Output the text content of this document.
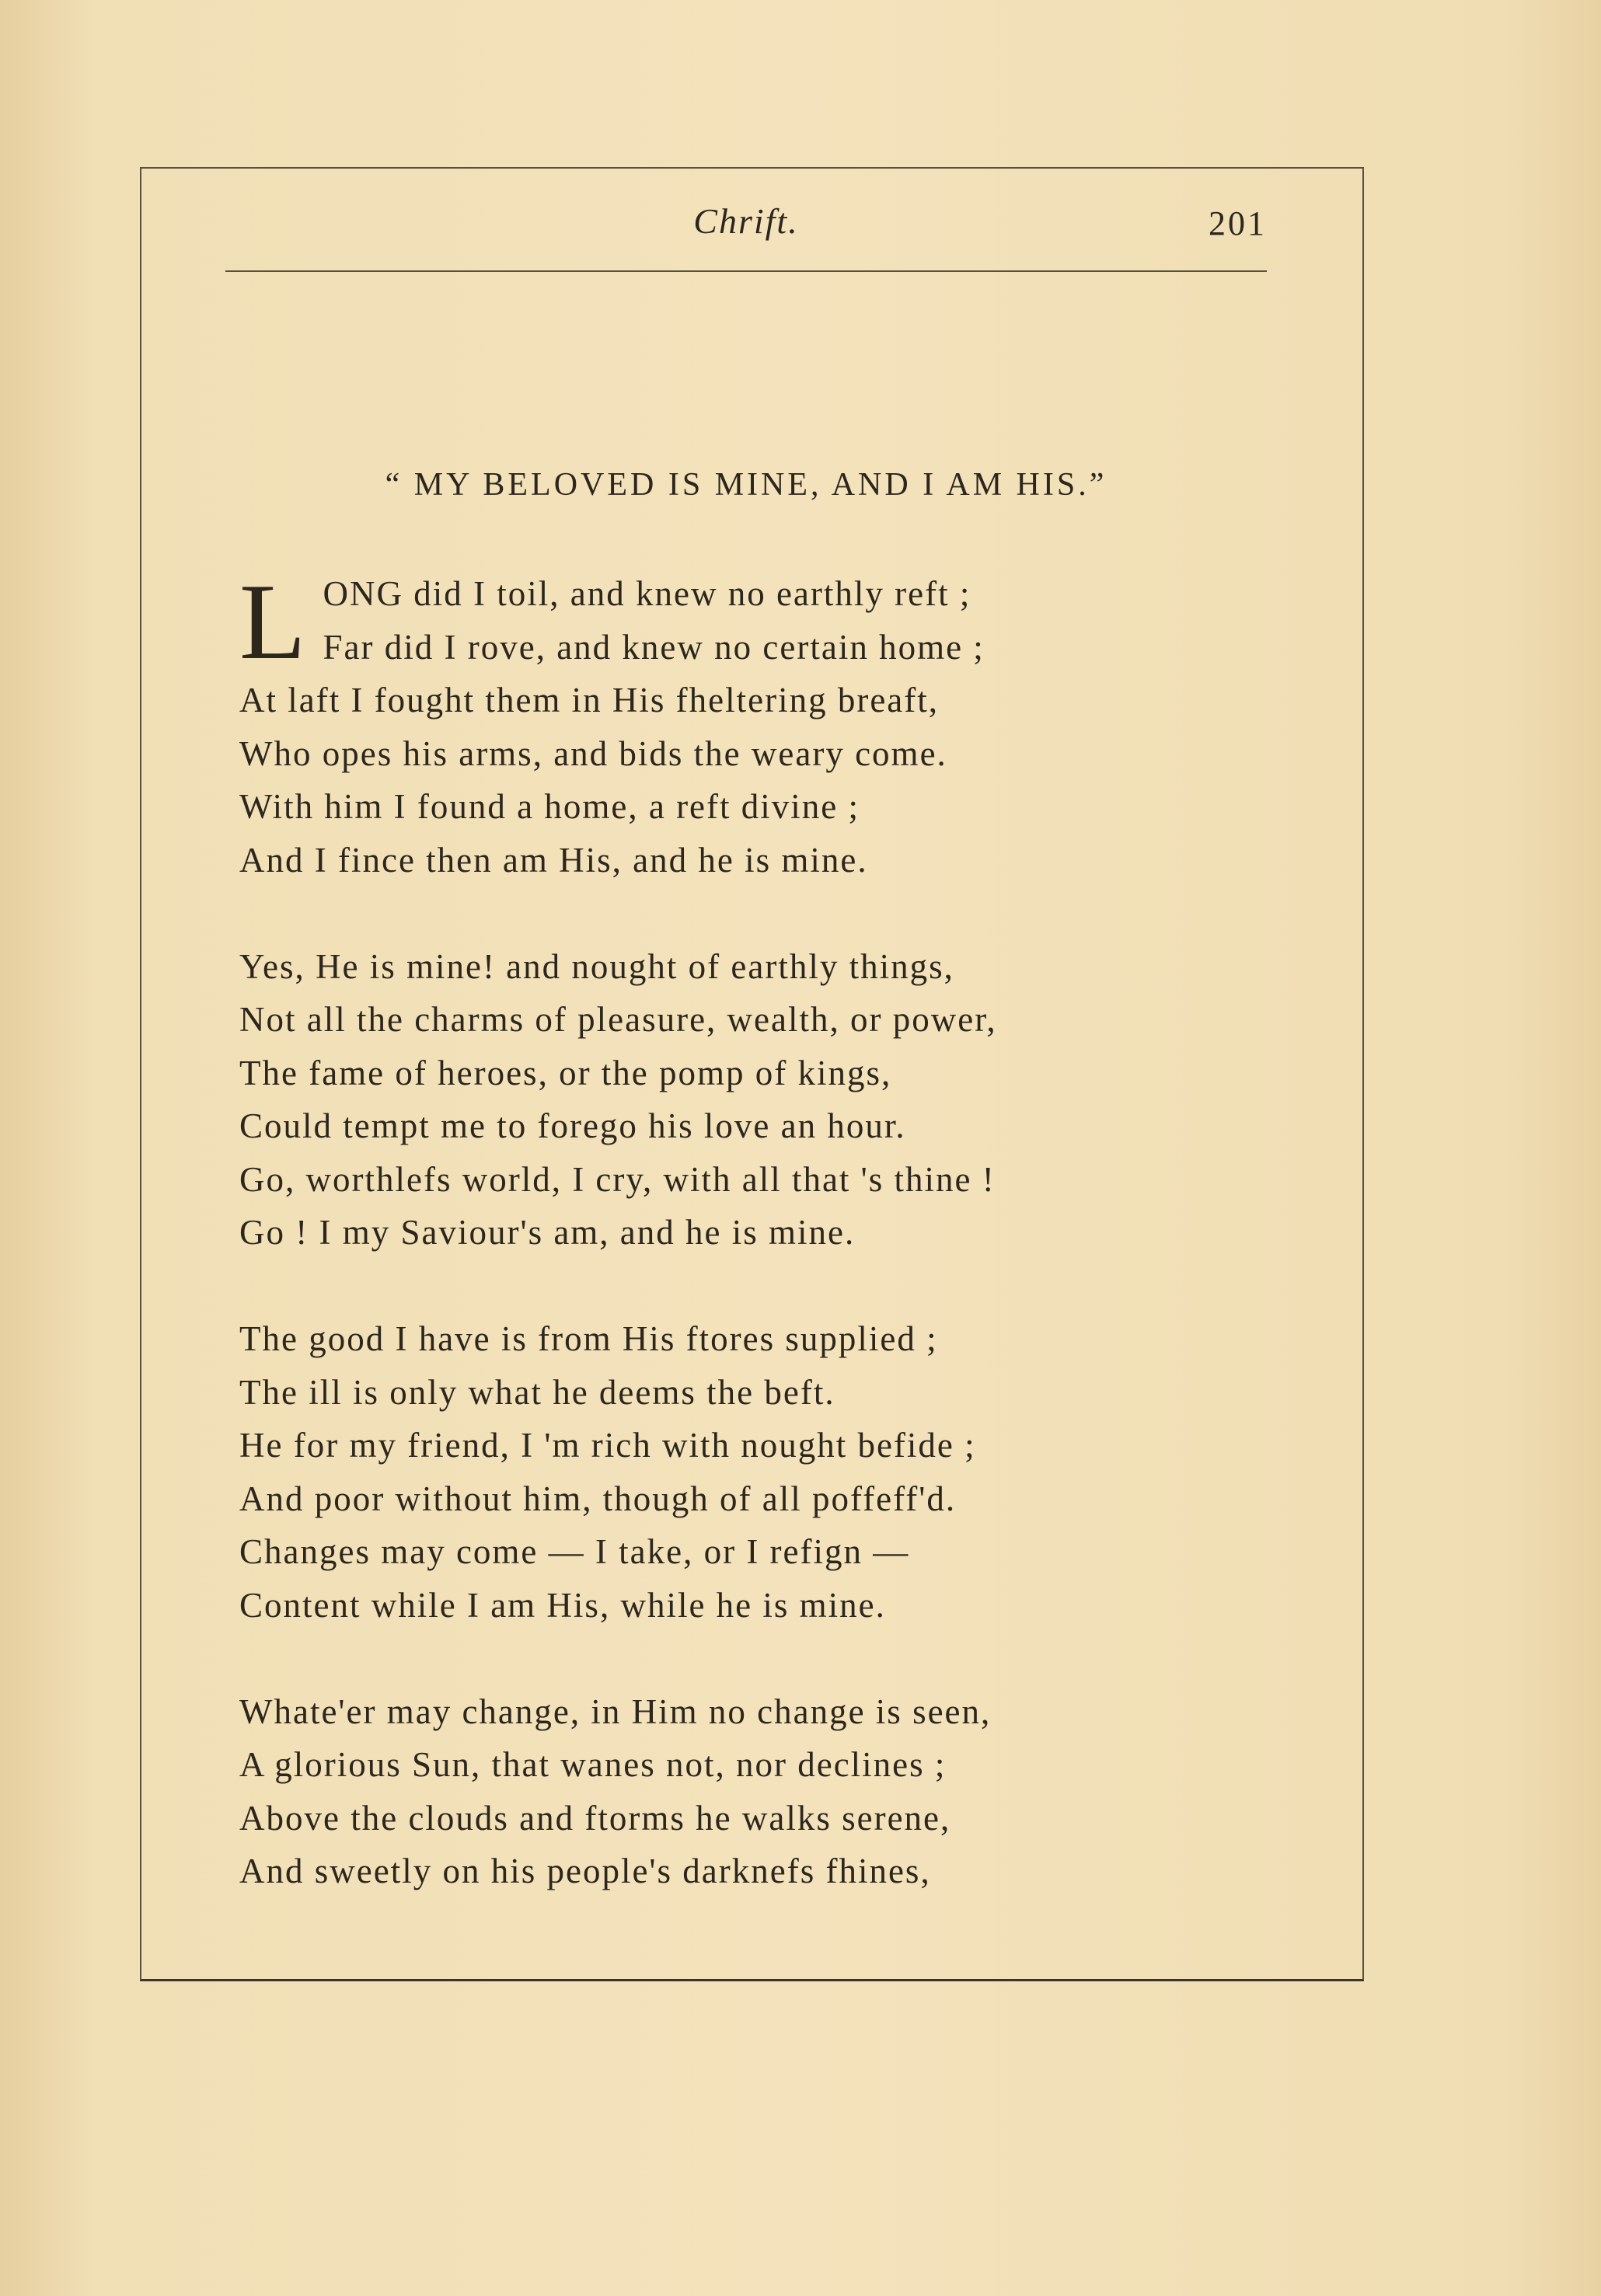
Chrift.	201
“ MY BELOVED IS MINE, AND I AM HIS.”
L ONG did I toil, and knew no earthly reft ;
Far did I rove, and knew no certain home ;
At laft I fought them in His fheltering breaft,
Who opes his arms, and bids the weary come.
With him I found a home, a reft divine ;
And I fince then am His, and he is mine.
Yes, He is mine! and nought of earthly things,
Not all the charms of pleasure, wealth, or power,
The fame of heroes, or the pomp of kings,
Could tempt me to forego his love an hour.
Go, worthlefs world, I cry, with all that 's thine !
Go ! I my Saviour's am, and he is mine.
The good I have is from His ftores supplied ;
The ill is only what he deems the beft.
He for my friend, I 'm rich with nought befide ;
And poor without him, though of all poffeff'd.
Changes may come — I take, or I refign —
Content while I am His, while he is mine.
Whate'er may change, in Him no change is seen,
A glorious Sun, that wanes not, nor declines ;
Above the clouds and ftorms he walks serene,
And sweetly on his people's darknefs fhines,
